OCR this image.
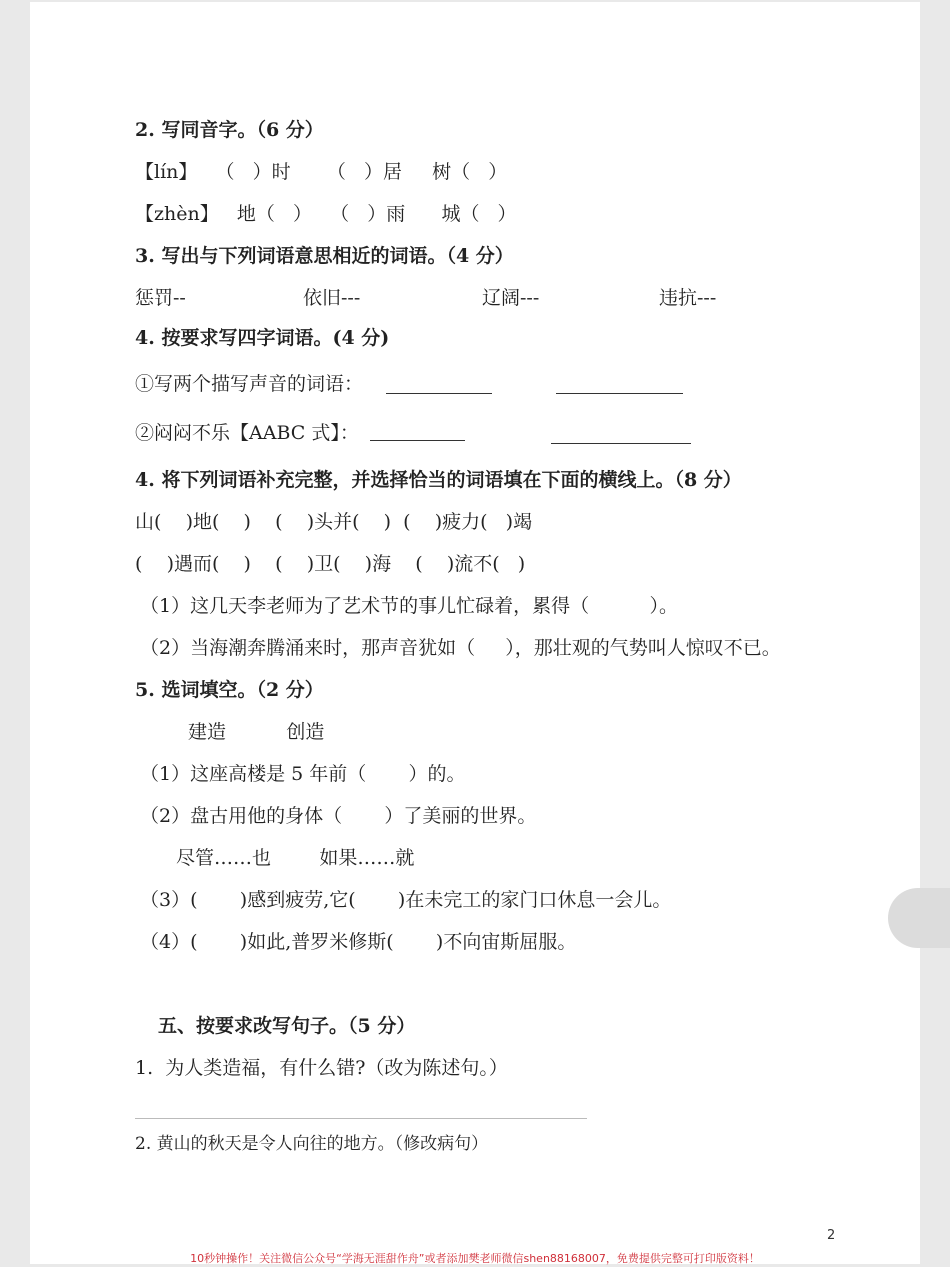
2. 写同音字。（6 分）
【lín】   （   ）时      （   ）居     树（   ）
【zhèn】   地（   ）   （   ）雨      城（   ）
3. 写出与下列词语意思相近的词语。（4 分）
惩罚--	依旧---	辽阔---	违抗---
4. 按要求写四字词语。(4 分)
①写两个描写声音的词语：
②闷闷不乐【AABC 式】：
4. 将下列词语补充完整，并选择恰当的词语填在下面的横线上。（8 分）
山(    )地(    )    (    )头并(    )  (    )疲力(   )竭
(    )遇而(    )    (    )卫(    )海    (    )流不(   )
（1）这几天李老师为了艺术节的事儿忙碌着，累得（          ）。
（2）当海潮奔腾涌来时，那声音犹如（     ），那壮观的气势叫人惊叹不已。
5. 选词填空。（2 分）
建造          创造
（1）这座高楼是 5 年前（       ）的。
（2）盘古用他的身体（       ）了美丽的世界。
尽管……也        如果……就
（3）(       )感到疲劳,它(       )在未完工的家门口休息一会儿。
（4）(       )如此,普罗米修斯(       )不向宙斯屈服。
五、按要求改写句子。（5 分）
1.  为人类造福，有什么错?（改为陈述句。）
2. 黄山的秋天是令人向往的地方。（修改病句）
2
10秒钟操作！关注微信公众号“学海无涯甜作舟”或者添加樊老师微信shen88168007，免费提供完整可打印版资料！
